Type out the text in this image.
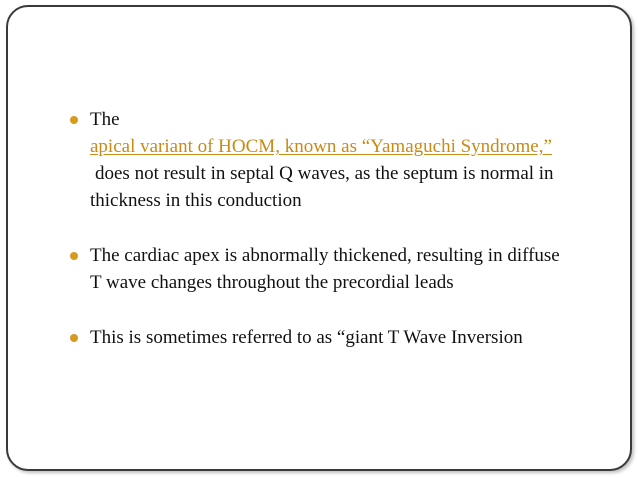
The
apical variant of HOCM, known as “Yamaguchi Syndrome,”
does not result in septal Q waves, as the septum is normal in
thickness in this conduction
The cardiac apex is abnormally thickened, resulting in diffuse
T wave changes throughout the precordial leads
This is sometimes referred to as “giant T Wave Inversion
